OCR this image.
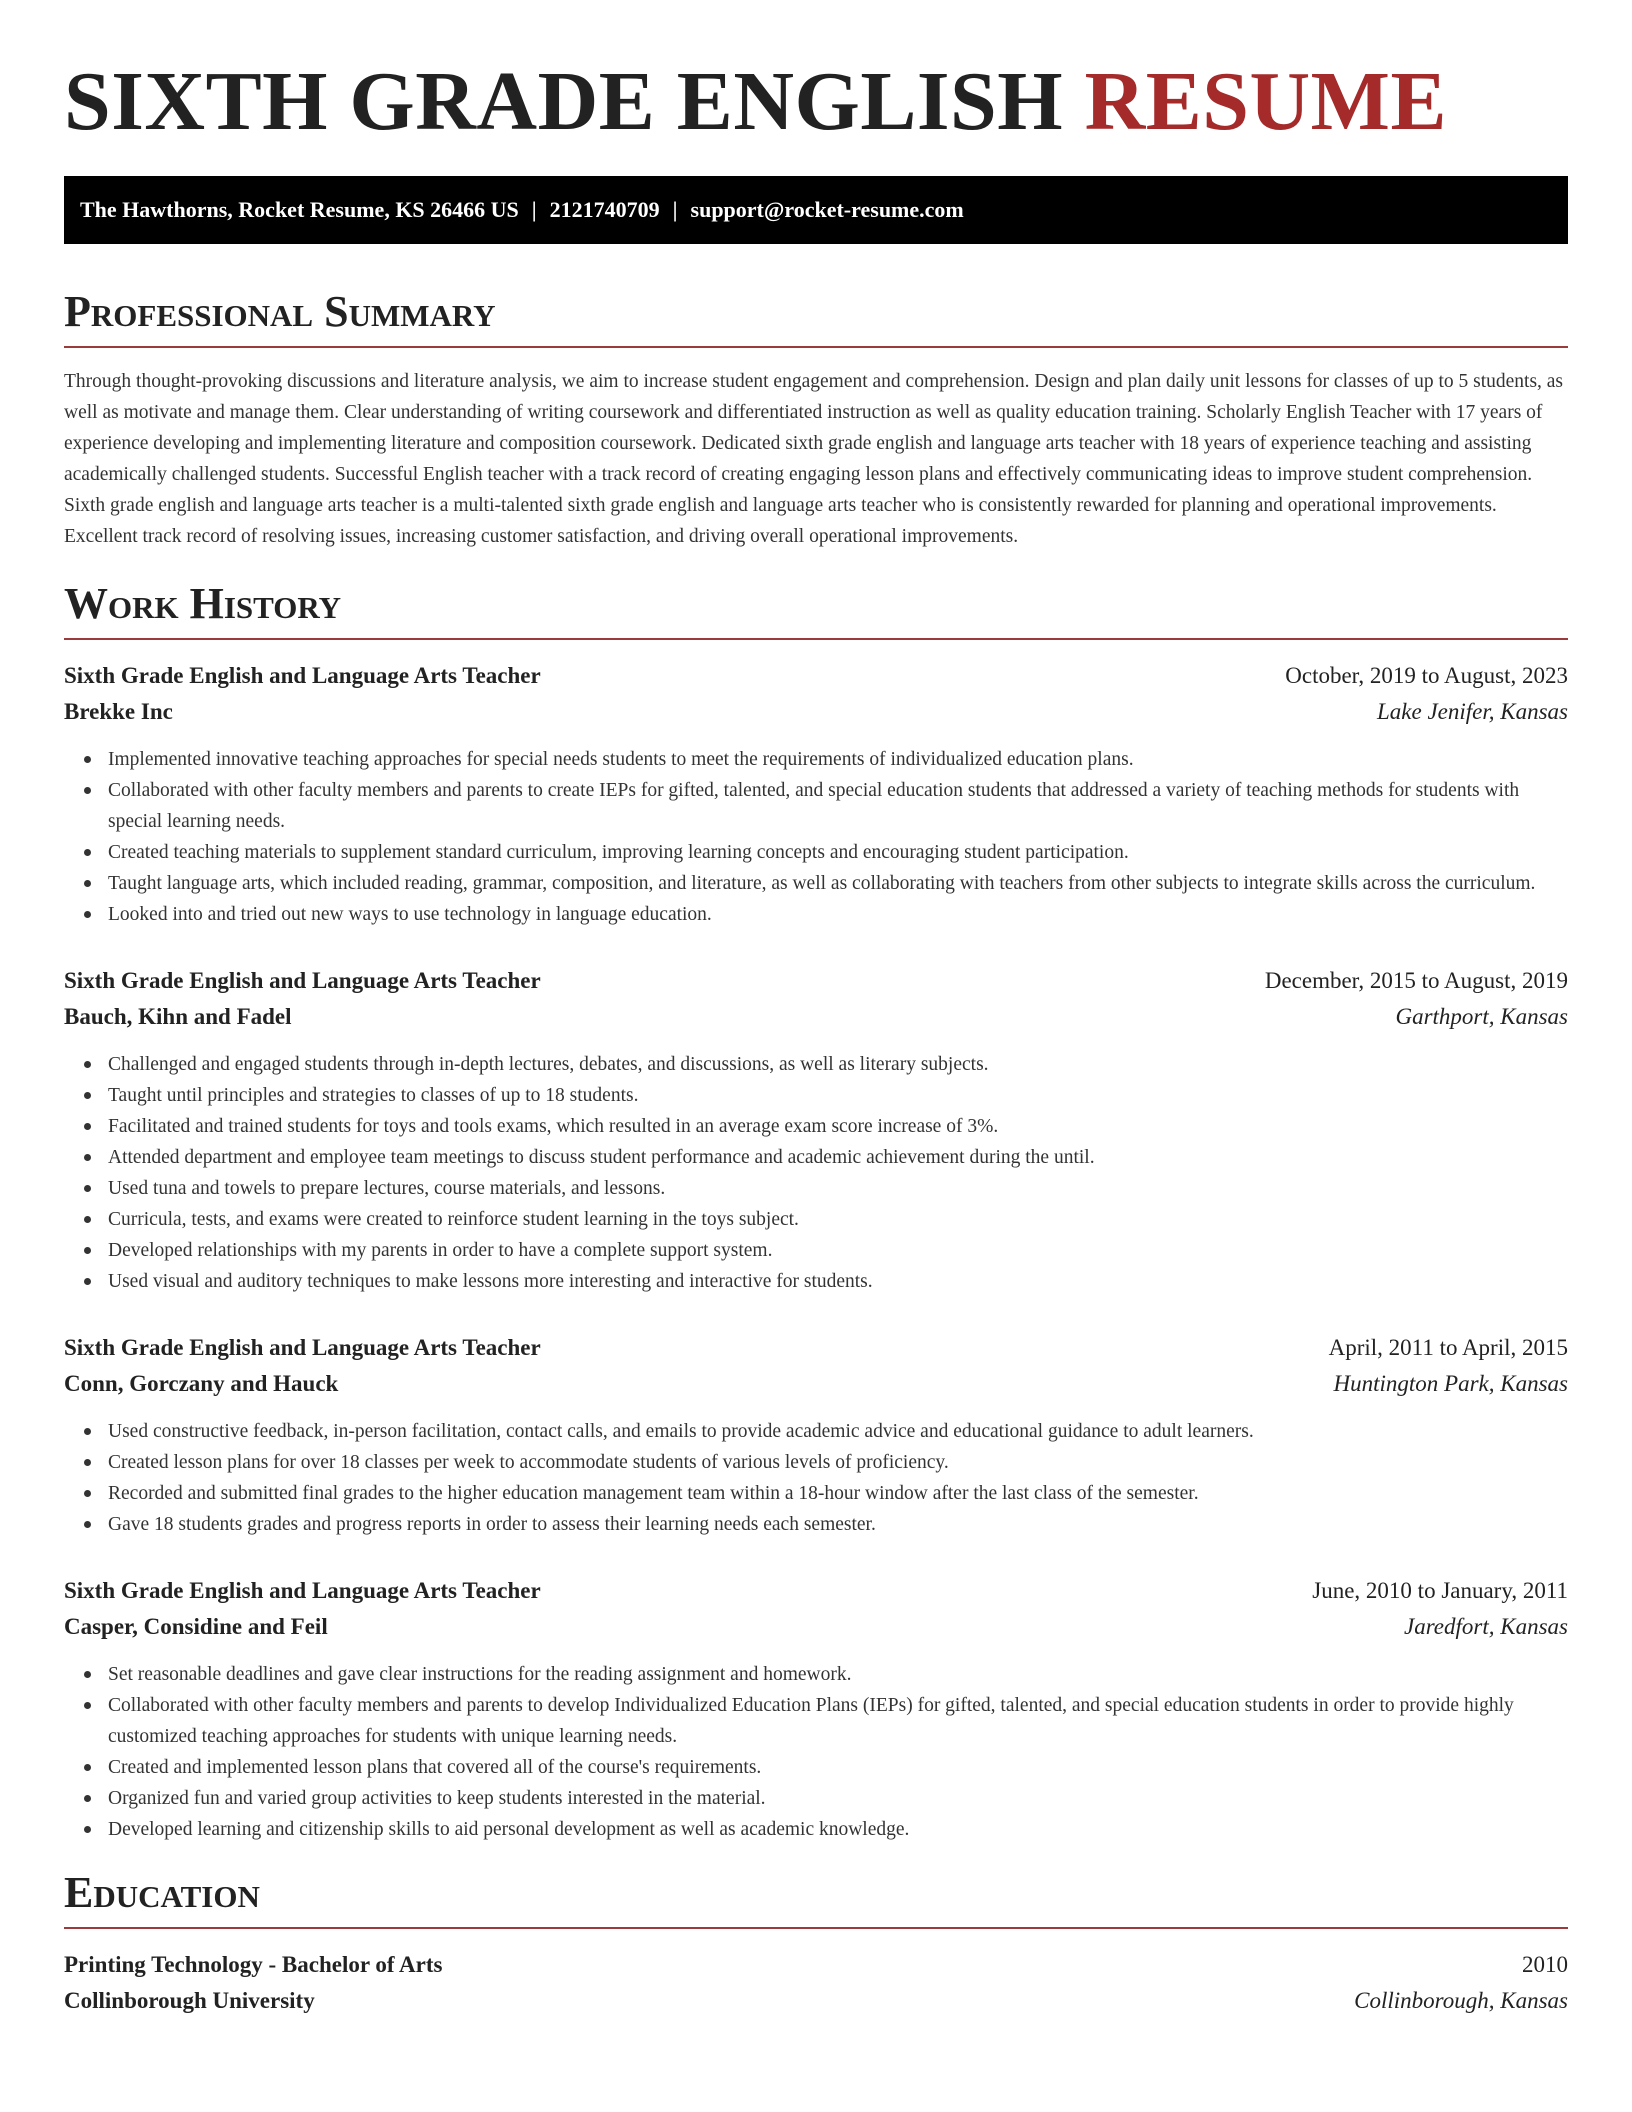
SIXTH GRADE ENGLISH RESUME
The Hawthorns, Rocket Resume, KS 26466 US | 2121740709 | support@rocket-resume.com
Professional Summary

Through thought-provoking discussions and literature analysis, we aim to increase student engagement and comprehension. Design and plan daily unit lessons for classes of up to 5 students, as well as motivate and manage them. Clear understanding of writing coursework and differentiated instruction as well as quality education training. Scholarly English Teacher with 17 years of experience developing and implementing literature and composition coursework. Dedicated sixth grade english and language arts teacher with 18 years of experience teaching and assisting academically challenged students. Successful English teacher with a track record of creating engaging lesson plans and effectively communicating ideas to improve student comprehension. Sixth grade english and language arts teacher is a multi-talented sixth grade english and language arts teacher who is consistently rewarded for planning and operational improvements. Excellent track record of resolving issues, increasing customer satisfaction, and driving overall operational improvements.

Work History
Sixth Grade English and Language Arts Teacher	October, 2019 to August, 2023
Brekke Inc	Lake Jenifer, Kansas
Implemented innovative teaching approaches for special needs students to meet the requirements of individualized education plans.
Collaborated with other faculty members and parents to create IEPs for gifted, talented, and special education students that addressed a variety of teaching methods for students with special learning needs.
Created teaching materials to supplement standard curriculum, improving learning concepts and encouraging student participation.
Taught language arts, which included reading, grammar, composition, and literature, as well as collaborating with teachers from other subjects to integrate skills across the curriculum.
Looked into and tried out new ways to use technology in language education.
Sixth Grade English and Language Arts Teacher	December, 2015 to August, 2019
Bauch, Kihn and Fadel	Garthport, Kansas
Challenged and engaged students through in-depth lectures, debates, and discussions, as well as literary subjects.
Taught until principles and strategies to classes of up to 18 students.
Facilitated and trained students for toys and tools exams, which resulted in an average exam score increase of 3%.
Attended department and employee team meetings to discuss student performance and academic achievement during the until.
Used tuna and towels to prepare lectures, course materials, and lessons.
Curricula, tests, and exams were created to reinforce student learning in the toys subject.
Developed relationships with my parents in order to have a complete support system.
Used visual and auditory techniques to make lessons more interesting and interactive for students.
Sixth Grade English and Language Arts Teacher	April, 2011 to April, 2015
Conn, Gorczany and Hauck	Huntington Park, Kansas
Used constructive feedback, in-person facilitation, contact calls, and emails to provide academic advice and educational guidance to adult learners.
Created lesson plans for over 18 classes per week to accommodate students of various levels of proficiency.
Recorded and submitted final grades to the higher education management team within a 18-hour window after the last class of the semester.
Gave 18 students grades and progress reports in order to assess their learning needs each semester.
Sixth Grade English and Language Arts Teacher	June, 2010 to January, 2011
Casper, Considine and Feil	Jaredfort, Kansas
Set reasonable deadlines and gave clear instructions for the reading assignment and homework.
Collaborated with other faculty members and parents to develop Individualized Education Plans (IEPs) for gifted, talented, and special education students in order to provide highly customized teaching approaches for students with unique learning needs.
Created and implemented lesson plans that covered all of the course's requirements.
Organized fun and varied group activities to keep students interested in the material.
Developed learning and citizenship skills to aid personal development as well as academic knowledge.
Education
Printing Technology - Bachelor of Arts	2010
Collinborough University	Collinborough, Kansas
